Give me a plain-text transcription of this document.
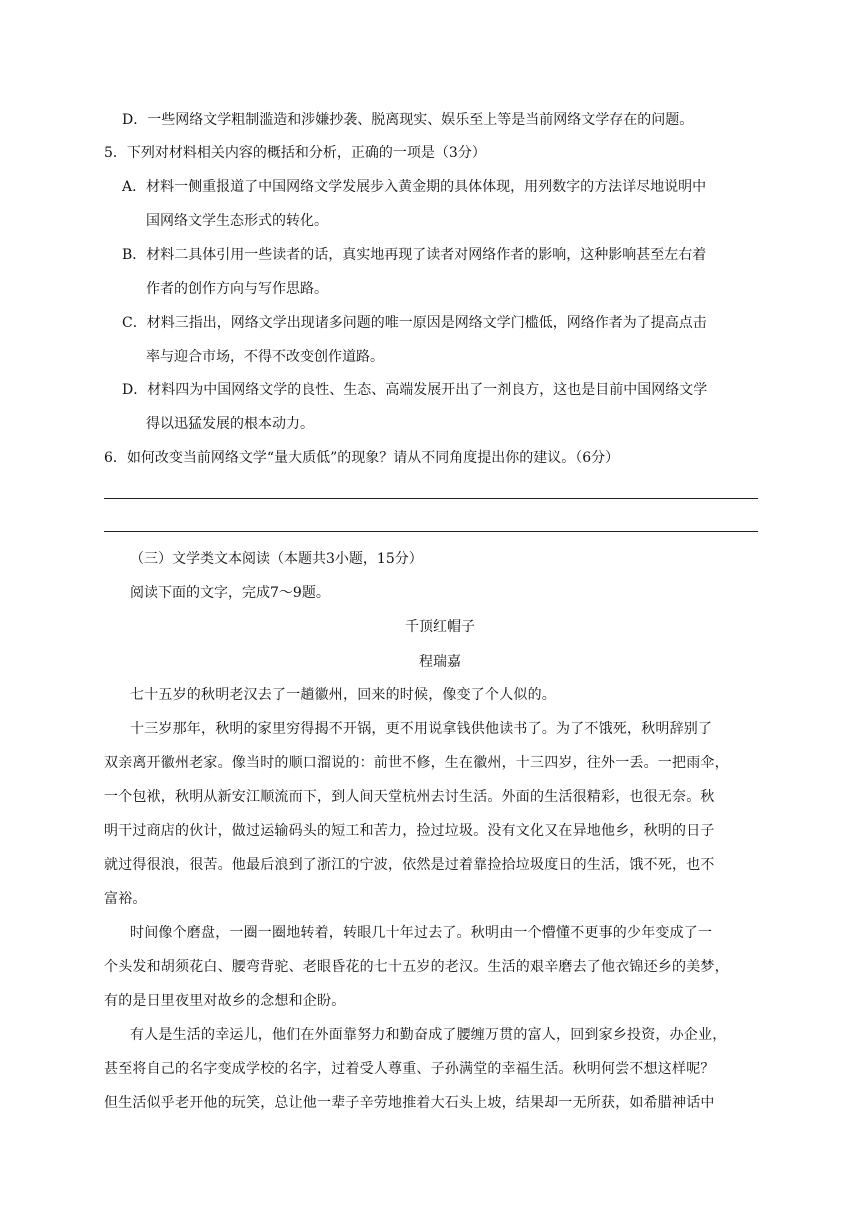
D．一些网络文学粗制滥造和涉嫌抄袭、脱离现实、娱乐至上等是当前网络文学存在的问题。
5．下列对材料相关内容的概括和分析，正确的一项是（3分）
A．材料一侧重报道了中国网络文学发展步入黄金期的具体体现，用列数字的方法详尽地说明中
国网络文学生态形式的转化。
B．材料二具体引用一些读者的话，真实地再现了读者对网络作者的影响，这种影响甚至左右着
作者的创作方向与写作思路。
C．材料三指出，网络文学出现诸多问题的唯一原因是网络文学门槛低，网络作者为了提高点击
率与迎合市场，不得不改变创作道路。
D．材料四为中国网络文学的良性、生态、高端发展开出了一剂良方，这也是目前中国网络文学
得以迅猛发展的根本动力。
6．如何改变当前网络文学“量大质低”的现象？请从不同角度提出你的建议。（6分）
（三）文学类文本阅读（本题共3小题，15分）
阅读下面的文字，完成7～9题。
千顶红帽子
程瑞嘉
七十五岁的秋明老汉去了一趟徽州，回来的时候，像变了个人似的。
十三岁那年，秋明的家里穷得揭不开锅，更不用说拿钱供他读书了。为了不饿死，秋明辞别了
双亲离开徽州老家。像当时的顺口溜说的：前世不修，生在徽州，十三四岁，往外一丢。一把雨伞，
一个包袱，秋明从新安江顺流而下，到人间天堂杭州去讨生活。外面的生活很精彩，也很无奈。秋
明干过商店的伙计，做过运输码头的短工和苦力，捡过垃圾。没有文化又在异地他乡，秋明的日子
就过得很浪，很苦。他最后浪到了浙江的宁波，依然是过着靠捡拾垃圾度日的生活，饿不死，也不
富裕。
时间像个磨盘，一圈一圈地转着，转眼几十年过去了。秋明由一个懵懂不更事的少年变成了一
个头发和胡须花白、腰弯背驼、老眼昏花的七十五岁的老汉。生活的艰辛磨去了他衣锦还乡的美梦，
有的是日里夜里对故乡的念想和企盼。
有人是生活的幸运儿，他们在外面靠努力和勤奋成了腰缠万贯的富人，回到家乡投资，办企业，
甚至将自己的名字变成学校的名字，过着受人尊重、子孙满堂的幸福生活。秋明何尝不想这样呢？
但生活似乎老开他的玩笑，总让他一辈子辛劳地推着大石头上坡，结果却一无所获，如希腊神话中
